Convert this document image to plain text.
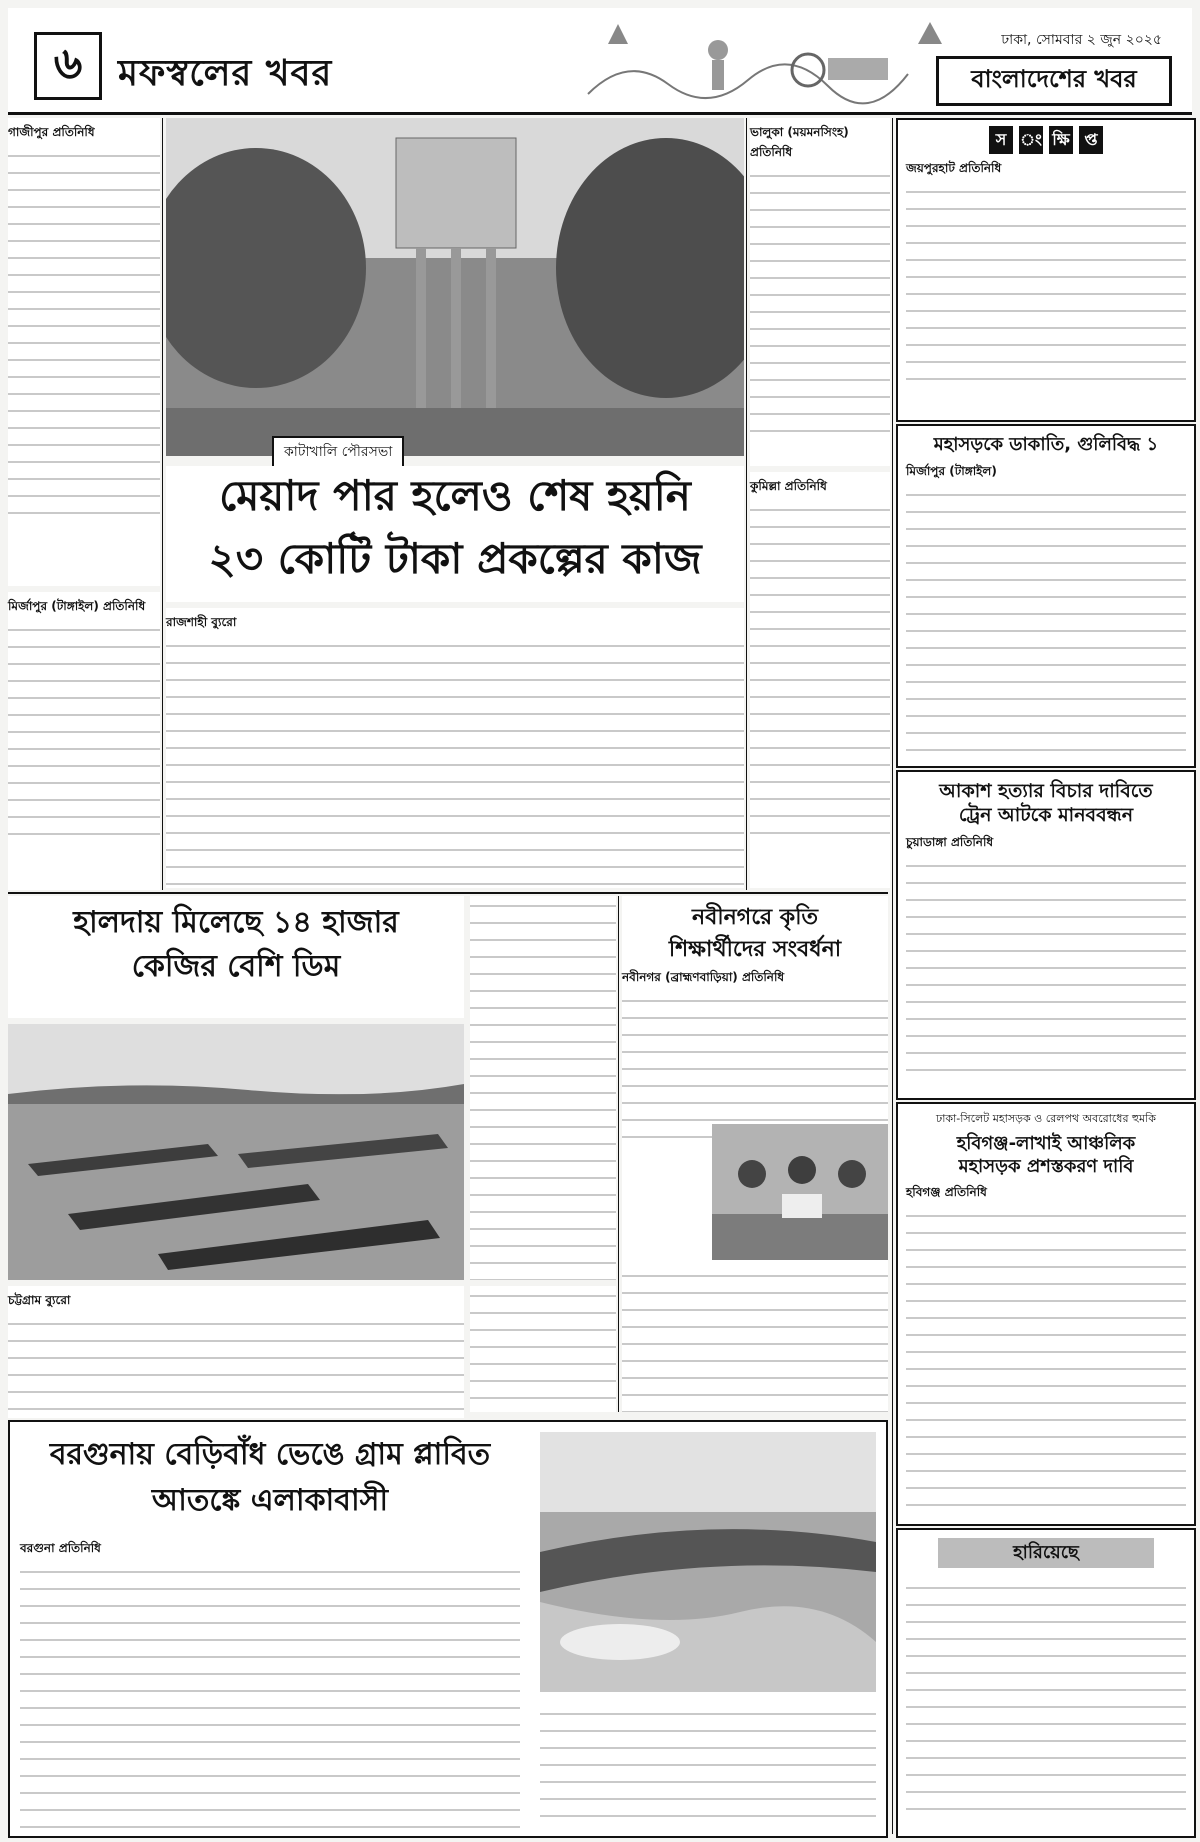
৬ মফস্বলের খবর
ঢাকা, সোমবার ২ জুন ২০২৫
বাংলাদেশের খবর

গাজীপুর প্রতিনিধি

মির্জাপুর (টাঙ্গাইল) প্রতিনিধি
কাটাখালি পৌরসভা

মেয়াদ পার হলেও শেষ হয়নি

২৩ কোটি টাকা প্রকল্পের কাজ

রাজশাহী ব্যুরো

ভালুকা (ময়মনসিংহ) প্রতিনিধি

কুমিল্লা প্রতিনিধি

হালদায় মিলেছে ১৪ হাজার

কেজির বেশি ডিম

চট্টগ্রাম ব্যুরো

নবীনগরে কৃতি

শিক্ষার্থীদের সংবর্ধনা

নবীনগর (ব্রাহ্মণবাড়িয়া) প্রতিনিধি

বরগুনায় বেড়িবাঁধ ভেঙে গ্রাম প্লাবিত

আতঙ্কে এলাকাবাসী

বরগুনা প্রতিনিধি
স ং ক্ষি প্ত

জয়পুরহাট প্রতিনিধি

মহাসড়কে ডাকাতি, গুলিবিদ্ধ ১

মির্জাপুর (টাঙ্গাইল)

আকাশ হত্যার বিচার দাবিতে

ট্রেন আটকে মানববন্ধন

চুয়াডাঙ্গা প্রতিনিধি
ঢাকা-সিলেট মহাসড়ক ও রেলপথ অবরোধের হুমকি

হবিগঞ্জ-লাখাই আঞ্চলিক

মহাসড়ক প্রশস্তকরণ দাবি

হবিগঞ্জ প্রতিনিধি
হারিয়েছে
